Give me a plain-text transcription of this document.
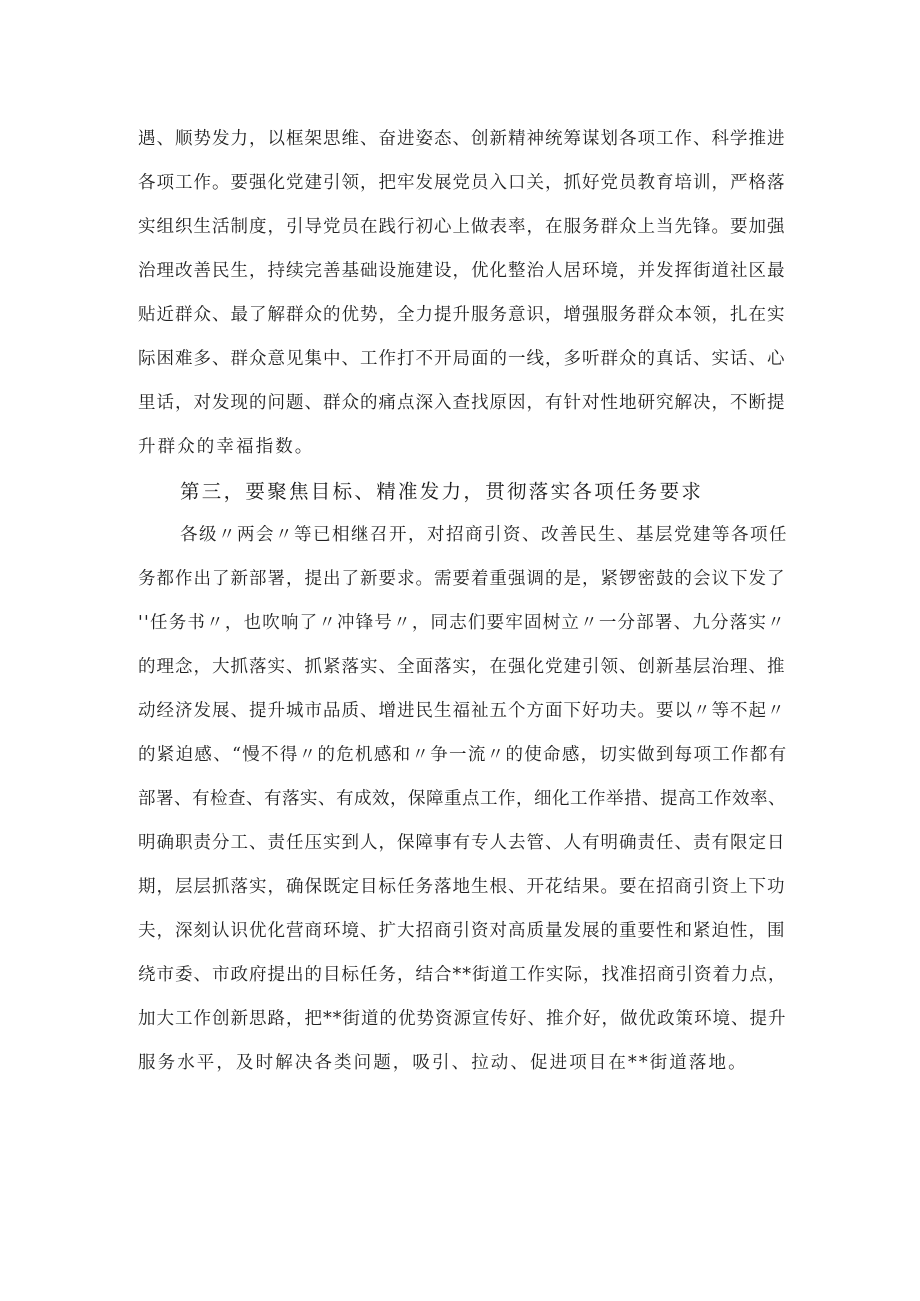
遇、顺势发力，以框架思维、奋进姿态、创新精神统筹谋划各项工作、科学推进
各项工作。要强化党建引领，把牢发展党员入口关，抓好党员教育培训，严格落
实组织生活制度，引导党员在践行初心上做表率，在服务群众上当先锋。要加强
治理改善民生，持续完善基础设施建设，优化整治人居环境，并发挥街道社区最
贴近群众、最了解群众的优势，全力提升服务意识，增强服务群众本领，扎在实
际困难多、群众意见集中、工作打不开局面的一线，多听群众的真话、实话、心
里话，对发现的问题、群众的痛点深入查找原因，有针对性地研究解决，不断提
升群众的幸福指数。
第三，要聚焦目标、精准发力，贯彻落实各项任务要求
各级〃两会〃等已相继召开，对招商引资、改善民生、基层党建等各项任
务都作出了新部署，提出了新要求。需要着重强调的是，紧锣密鼓的会议下发了
''任务书〃，也吹响了〃冲锋号〃，同志们要牢固树立〃一分部署、九分落实〃
的理念，大抓落实、抓紧落实、全面落实，在强化党建引领、创新基层治理、推
动经济发展、提升城市品质、增进民生福祉五个方面下好功夫。要以〃等不起〃
的紧迫感、“慢不得〃的危机感和〃争一流〃的使命感，切实做到每项工作都有
部署、有检查、有落实、有成效，保障重点工作，细化工作举措、提高工作效率、
明确职责分工、责任压实到人，保障事有专人去管、人有明确责任、责有限定日
期，层层抓落实，确保既定目标任务落地生根、开花结果。要在招商引资上下功
夫，深刻认识优化营商环境、扩大招商引资对高质量发展的重要性和紧迫性，围
绕市委、市政府提出的目标任务，结合**街道工作实际，找准招商引资着力点，
加大工作创新思路，把**街道的优势资源宣传好、推介好，做优政策环境、提升
服务水平，及时解决各类问题，吸引、拉动、促进项目在**街道落地。
